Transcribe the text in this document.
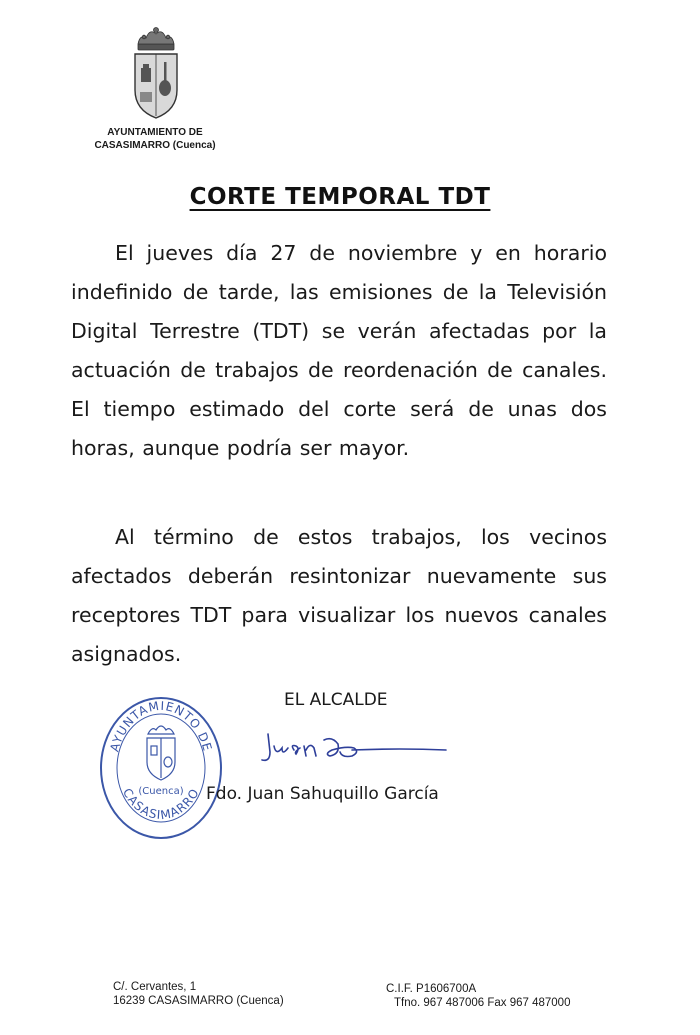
AYUNTAMIENTO DE
CASASIMARRO (Cuenca)
CORTE TEMPORAL TDT

El jueves día 27 de noviembre y en horario indefinido de tarde, las emisiones de la Televisión Digital Terrestre (TDT) se verán afectadas por la actuación de trabajos de reordenación de canales. El tiempo estimado del corte será de unas dos horas, aunque podría ser mayor.

Al término de estos trabajos, los vecinos afectados deberán resintonizar nuevamente sus receptores TDT para visualizar los nuevos canales asignados.

AYUNTAMIENTO DE
CASASIMARRO
(Cuenca)
EL ALCALDE
Fdo. Juan Sahuquillo García
C/. Cervantes, 1
16239 CASASIMARRO (Cuenca)
C.I.F. P1606700A
Tfno. 967 487006 Fax 967 487000
